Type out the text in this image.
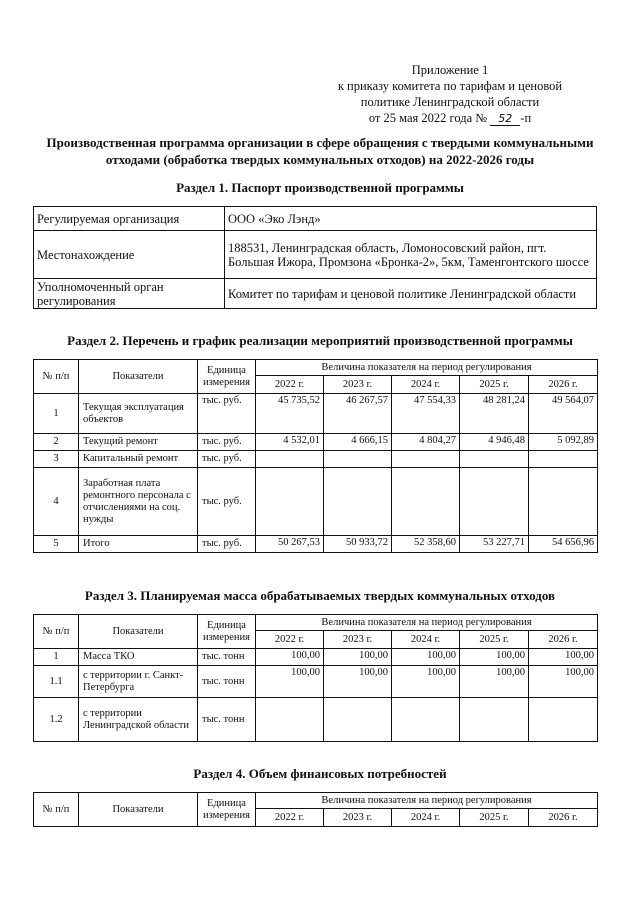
Приложение 1
к приказу комитета по тарифам и ценовой
политике Ленинградской области
от 25 мая 2022 года № 52 -п
Производственная программа организации в сфере обращения с твердыми коммунальными
отходами (обработка твердых коммунальных отходов) на 2022-2026 годы
Раздел 1. Паспорт производственной программы
Регулируемая организация	ООО «Эко Лэнд»
Местонахождение	188531, Ленинградская область, Ломоносовский район, пгт. Большая Ижора, Промзона «Бронка-2», 5км, Таменгонтского шоссе
Уполномоченный орган регулирования	Комитет по тарифам и ценовой политике Ленинградской области
Раздел 2. Перечень и график реализации мероприятий производственной программы
№ п/п	Показатели	Единица измерения	Величина показателя на период регулирования				
			2022 г.	2023 г.	2024 г.	2025 г.	2026 г.
1	Текущая эксплуатация объектов	тыс. руб.	45 735,52	46 267,57	47 554,33	48 281,24	49 564,07
2	Текущий ремонт	тыс. руб.	4 532,01	4 666,15	4 804,27	4 946,48	5 092,89
3	Капитальный ремонт	тыс. руб.					
4	Заработная плата ремонтного персонала с отчислениями на соц. нужды	тыс. руб.					
5	Итого	тыс. руб.	50 267,53	50 933,72	52 358,60	53 227,71	54 656,96
Раздел 3. Планируемая масса обрабатываемых твердых коммунальных отходов
№ п/п	Показатели	Единица измерения	Величина показателя на период регулирования				
			2022 г.	2023 г.	2024 г.	2025 г.	2026 г.
1	Масса ТКО	тыс. тонн	100,00	100,00	100,00	100,00	100,00
1.1	с территории г. Санкт-Петербурга	тыс. тонн	100,00	100,00	100,00	100,00	100,00
1.2	с территории Ленинградской области	тыс. тонн					
Раздел 4. Объем финансовых потребностей
№ п/п	Показатели	Единица измерения	Величина показателя на период регулирования				
			2022 г.	2023 г.	2024 г.	2025 г.	2026 г.
